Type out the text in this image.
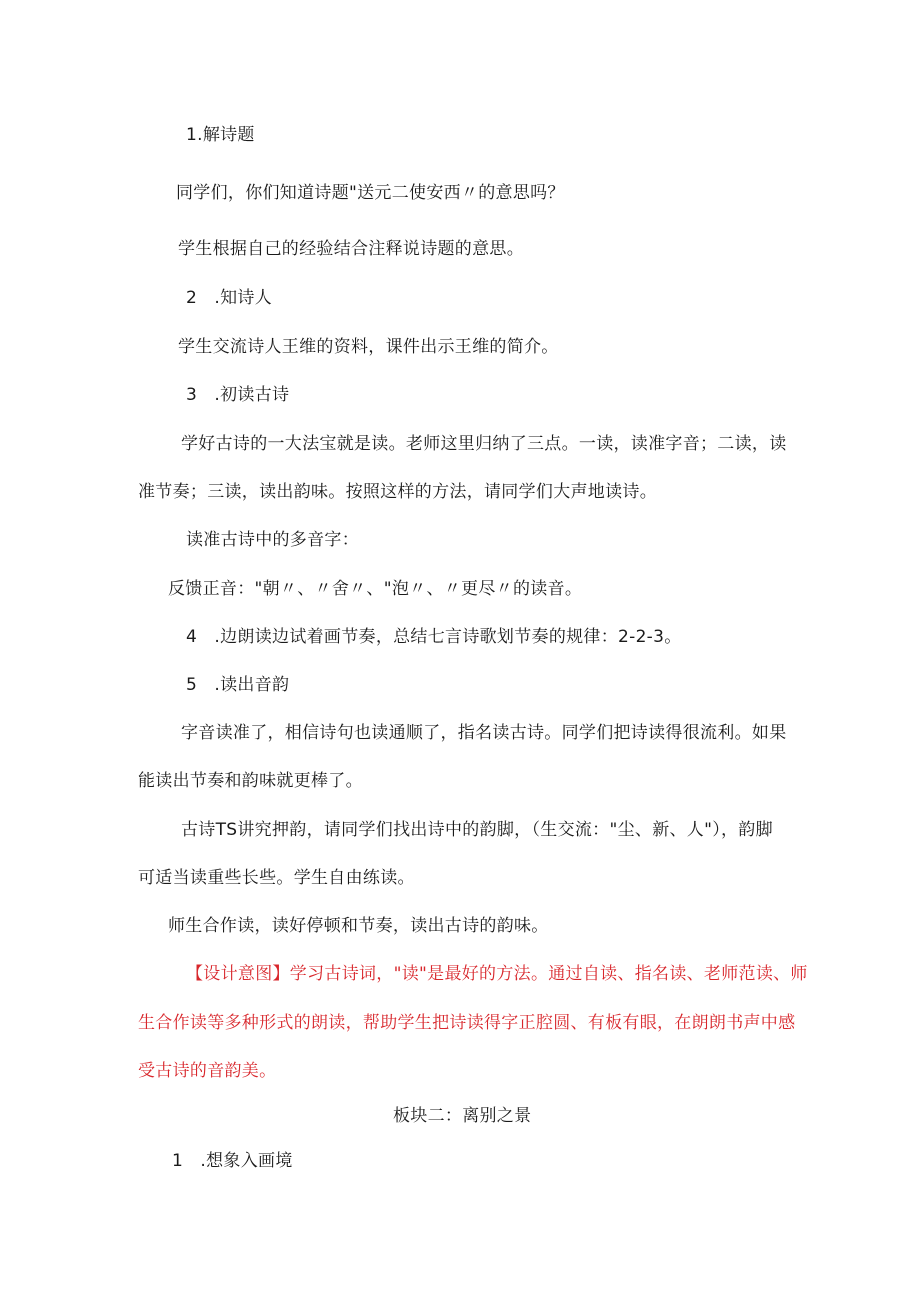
1.解诗题
同学们，你们知道诗题"送元二使安西〃的意思吗？
学生根据自己的经验结合注释说诗题的意思。
2　.知诗人
学生交流诗人王维的资料，课件出示王维的简介。
3　.初读古诗
学好古诗的一大法宝就是读。老师这里归纳了三点。一读，读准字音；二读，读
准节奏；三读，读出韵味。按照这样的方法，请同学们大声地读诗。
读准古诗中的多音字：
反馈正音："朝〃、〃舍〃、"泡〃、〃更尽〃的读音。
4　.边朗读边试着画节奏，总结七言诗歌划节奏的规律：2-2-3。
5　.读出音韵
字音读准了，相信诗句也读通顺了，指名读古诗。同学们把诗读得很流利。如果
能读出节奏和韵味就更棒了。
古诗TS讲究押韵，请同学们找出诗中的韵脚，（生交流："尘、新、人"），韵脚
可适当读重些长些。学生自由练读。
师生合作读，读好停顿和节奏，读出古诗的韵味。
【设计意图】学习古诗词，"读"是最好的方法。通过自读、指名读、老师范读、师
生合作读等多种形式的朗读，帮助学生把诗读得字正腔圆、有板有眼，在朗朗书声中感
受古诗的音韵美。
板块二：离别之景
1　.想象入画境
